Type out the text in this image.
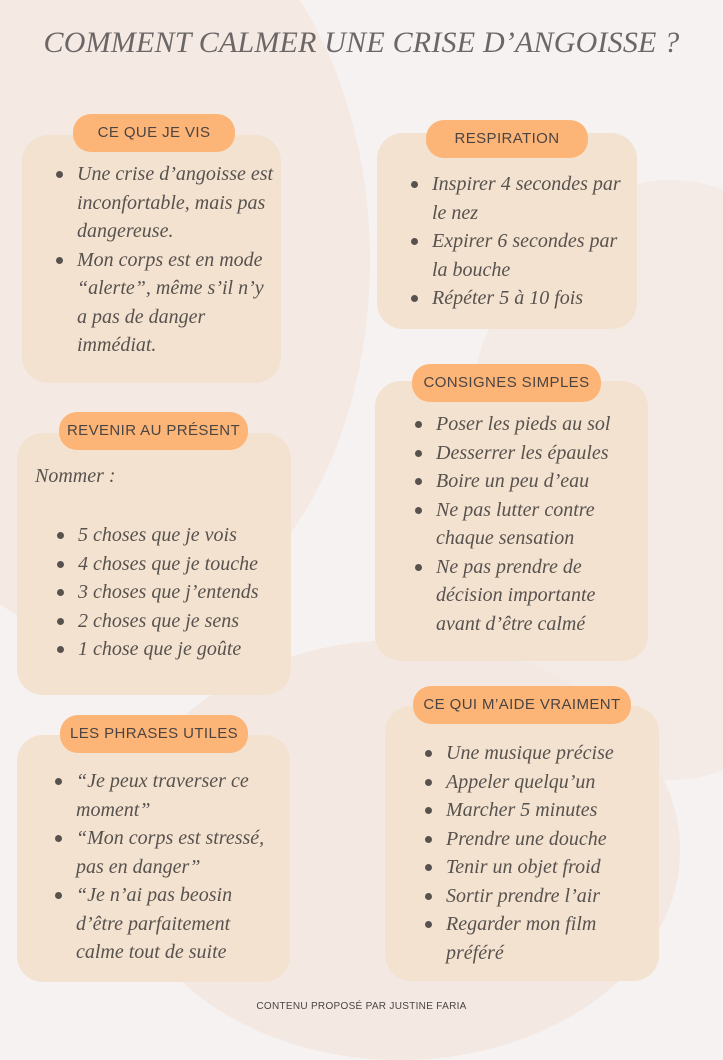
COMMENT CALMER UNE CRISE D’ANGOISSE ?
CE QUE JE VIS
Une crise d’angoisse est inconfortable, mais pas dangereuse.
Mon corps est en mode “alerte”, même s’il n’y a pas de danger immédiat.
RESPIRATION
Inspirer 4 secondes par le nez
Expirer 6 secondes par la bouche
Répéter 5 à 10 fois
CONSIGNES SIMPLES
Poser les pieds au sol
Desserrer les épaules
Boire un peu d’eau
Ne pas lutter contre chaque sensation
Ne pas prendre de décision importante avant d’être calmé
REVENIR AU PRÉSENT

Nommer :

5 choses que je vois
4 choses que je touche
3 choses que j’entends
2 choses que je sens
1 chose que je goûte
CE QUI M’AIDE VRAIMENT
Une musique précise
Appeler quelqu’un
Marcher 5 minutes
Prendre une douche
Tenir un objet froid
Sortir prendre l’air
Regarder mon film préféré
LES PHRASES UTILES
“Je peux traverser ce moment”
“Mon corps est stressé, pas en danger”
“Je n’ai pas beosin d’être parfaitement calme tout de suite
CONTENU PROPOSÉ PAR JUSTINE FARIA
